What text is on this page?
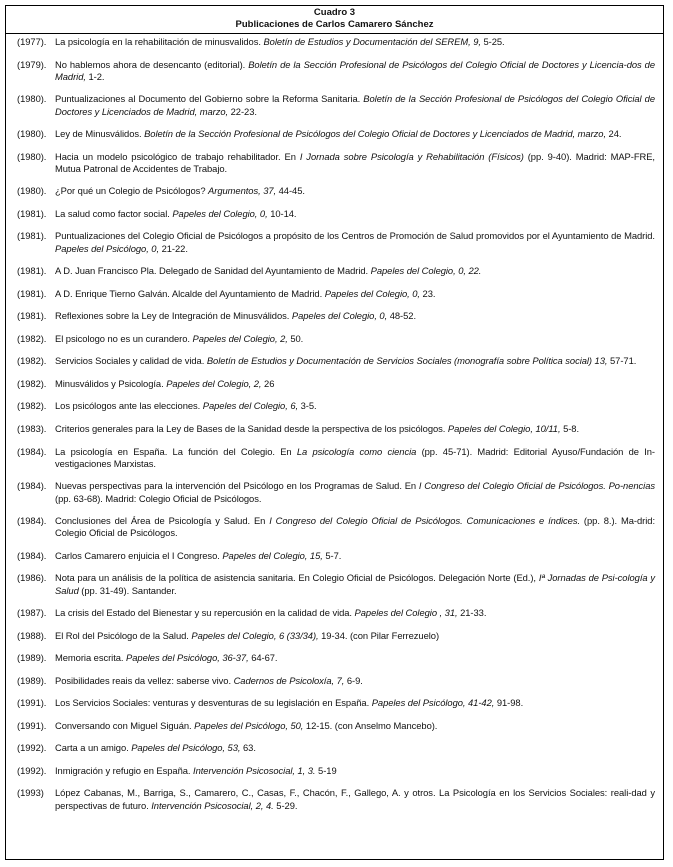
Cuadro 3
Publicaciones de Carlos Camarero Sánchez
(1977). La psicología en la rehabilitación de minusvalidos. Boletín de Estudios y Documentación del SEREM, 9, 5-25.
(1979). No hablemos ahora de desencanto (editorial). Boletín de la Sección Profesional de Psicólogos del Colegio Oficial de Doctores y Licencia-dos de Madrid, 1-2.
(1980). Puntualizaciones al Documento del Gobierno sobre la Reforma Sanitaria. Boletín de la Sección Profesional de Psicólogos del Colegio Oficial de Doctores y Licenciados de Madrid, marzo, 22-23.
(1980). Ley de Minusválidos. Boletín de la Sección Profesional de Psicólogos del Colegio Oficial de Doctores y Licenciados de Madrid, marzo, 24.
(1980). Hacia un modelo psicológico de trabajo rehabilitador. En I Jornada sobre Psicología y Rehabilitación (Físicos) (pp. 9-40). Madrid: MAP-FRE, Mutua Patronal de Accidentes de Trabajo.
(1980). ¿Por qué un Colegio de Psicólogos? Argumentos, 37, 44-45.
(1981). La salud como factor social. Papeles del Colegio, 0, 10-14.
(1981). Puntualizaciones del Colegio Oficial de Psicólogos a propósito de los Centros de Promoción de Salud promovidos por el Ayuntamiento de Madrid. Papeles del Psicólogo, 0, 21-22.
(1981). A D. Juan Francisco Pla. Delegado de Sanidad del Ayuntamiento de Madrid. Papeles del Colegio, 0, 22.
(1981). A D. Enrique Tierno Galván. Alcalde del Ayuntamiento de Madrid. Papeles del Colegio, 0, 23.
(1981). Reflexiones sobre la Ley de Integración de Minusválidos. Papeles del Colegio, 0, 48-52.
(1982). El psicologo no es un curandero. Papeles del Colegio, 2, 50.
(1982). Servicios Sociales y calidad de vida. Boletín de Estudios y Documentación de Servicios Sociales (monografía sobre Política social) 13, 57-71.
(1982). Minusválidos y Psicología. Papeles del Colegio, 2, 26
(1982). Los psicólogos ante las elecciones. Papeles del Colegio, 6, 3-5.
(1983). Criterios generales para la Ley de Bases de la Sanidad desde la perspectiva de los psicólogos. Papeles del Colegio, 10/11, 5-8.
(1984). La psicología en España. La función del Colegio. En La psicología como ciencia (pp. 45-71). Madrid: Editorial Ayuso/Fundación de In-vestigaciones Marxistas.
(1984). Nuevas perspectivas para la intervención del Psicólogo en los Programas de Salud. En I Congreso del Colegio Oficial de Psicólogos. Po-nencias (pp. 63-68). Madrid: Colegio Oficial de Psicólogos.
(1984). Conclusiones del Área de Psicología y Salud. En I Congreso del Colegio Oficial de Psicólogos. Comunicaciones e índices. (pp. 8.). Ma-drid: Colegio Oficial de Psicólogos.
(1984). Carlos Camarero enjuicia el I Congreso. Papeles del Colegio, 15, 5-7.
(1986). Nota para un análisis de la política de asistencia sanitaria. En Colegio Oficial de Psicólogos. Delegación Norte (Ed.), Iª Jornadas de Psi-cología y Salud (pp. 31-49). Santander.
(1987). La crisis del Estado del Bienestar y su repercusión en la calidad de vida. Papeles del Colegio , 31, 21-33.
(1988). El Rol del Psicólogo de la Salud. Papeles del Colegio, 6 (33/34), 19-34. (con Pilar Ferrezuelo)
(1989). Memoria escrita. Papeles del Psicólogo, 36-37, 64-67.
(1989). Posibilidades reais da vellez: saberse vivo. Cadernos de Psicoloxía, 7, 6-9.
(1991). Los Servicios Sociales: venturas y desventuras de su legislación en España. Papeles del Psicólogo, 41-42, 91-98.
(1991). Conversando con Miguel Siguán. Papeles del Psicólogo, 50, 12-15. (con Anselmo Mancebo).
(1992). Carta a un amigo. Papeles del Psicólogo, 53, 63.
(1992). Inmigración y refugio en España. Intervención Psicosocial, 1, 3. 5-19
(1993)	López Cabanas, M., Barriga, S., Camarero, C., Casas, F., Chacón, F., Gallego, A. y otros. La Psicología en los Servicios Sociales: reali-dad y perspectivas de futuro. Intervención Psicosocial, 2, 4. 5-29.
